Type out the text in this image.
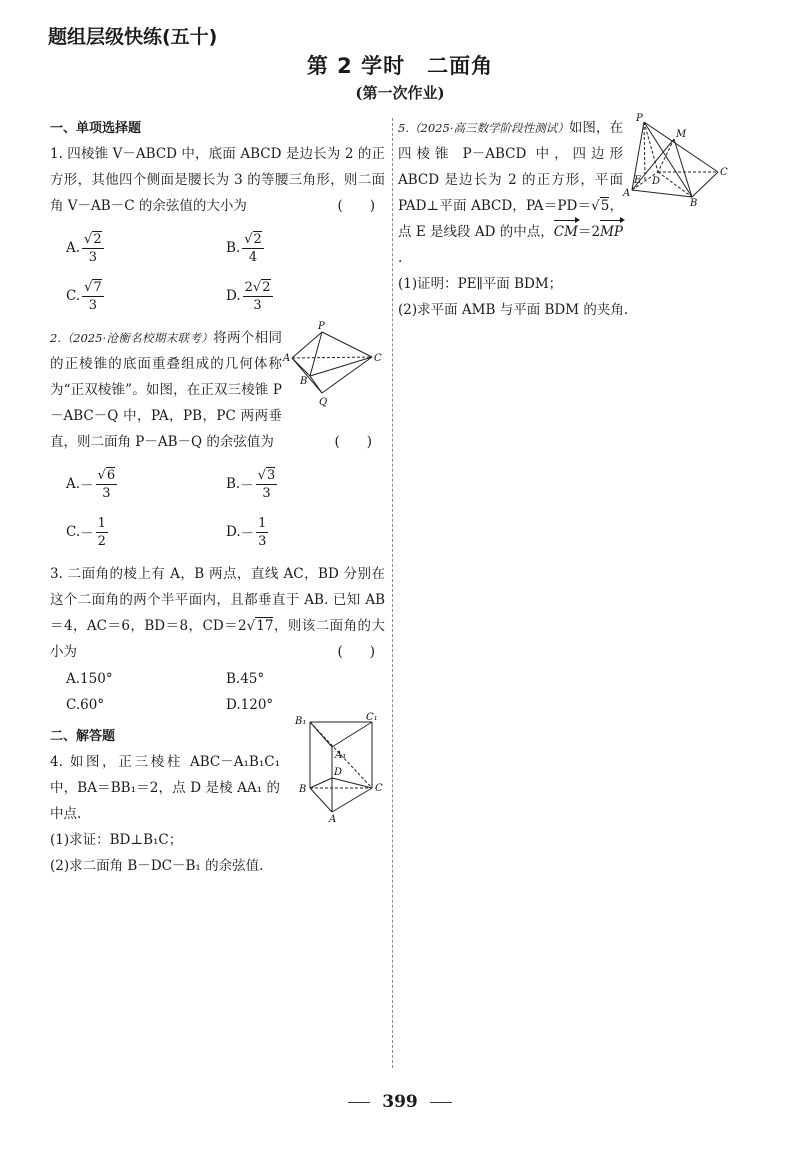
题组层级快练(五十)
第 2 学时　二面角
(第一次作业)
一、单项选择题
1. 四棱锥 V－ABCD 中，底面 ABCD 是边长为 2 的正方形，其他四个侧面是腰长为 3 的等腰三角形，则二面角 V－AB－C 的余弦值的大小为	(　　)
A. √ $\frac{2}{3}$	B. √ $\frac{2}{4}$
C. √ $\frac{7}{3}$	D. $\frac{2 √ 2}{3}$
2.（2025·沧衡名校期末联考）将两个相同的正棱锥的底面重叠组成的几何体称为“正双棱锥”。如图，在正双三棱锥 P－ABC－Q 中，PA，PB，PC 两两垂直，则二面角 P－AB－Q 的余弦值为	(　　)
A. － √ $\frac{6}{3}$	B. － √ $\frac{3}{3}$
C. － $\frac{1}{2}$	D. － $\frac{1}{3}$
3. 二面角的棱上有 A，B 两点，直线 AC，BD 分别在这个二面角的两个半平面内，且都垂直于 AB. 已知 AB＝4，AC＝6，BD＝8，CD＝2 √ 17，则该二面角的大小为	(　　)
A. 150°	B. 45°
C. 60°	D. 120°
二、解答题
4. 如图，正三棱柱 ABC－A₁B₁C₁ 中，BA＝BB₁＝2，点 D 是棱 AA₁ 的中点.
(1)求证：BD⊥B₁C；
(2)求二面角 B－DC－B₁ 的余弦值.
P
A	C
B
Q
B₁	C₁
A₁
D
B	C
A
5.（2025·高三数学阶段性测试）如图，在四棱锥 P－ABCD 中，四边形 ABCD 是边长为 2 的正方形，平面 PAD⊥平面 ABCD，PA＝PD＝ √ 5，点 E 是线段 AD 的中点，CM＝2MP.
(1)证明：PE∥平面 BDM；
(2)求平面 AMB 与平面 BDM 的夹角.
P
M
E D
C
A
B
399
